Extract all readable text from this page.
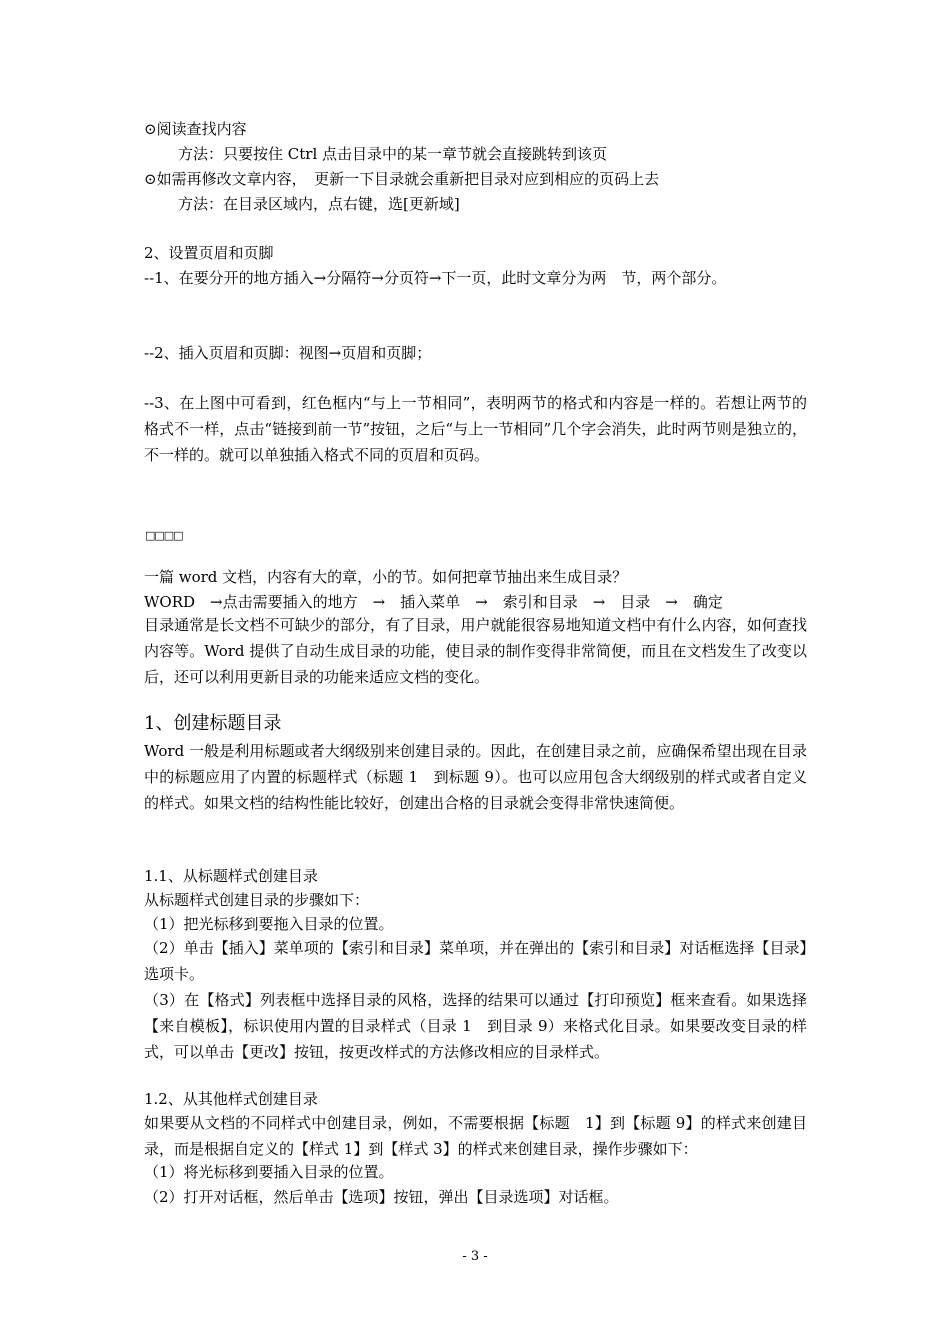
⊙阅读查找内容

方法：只要按住 Ctrl 点击目录中的某一章节就会直接跳转到该页

⊙如需再修改文章内容，　更新一下目录就会重新把目录对应到相应的页码上去

方法：在目录区域内，点右键，选[更新域]

2、设置页眉和页脚

--1、在要分开的地方插入→分隔符→分页符→下一页，此时文章分为两　节，两个部分。

--2、插入页眉和页脚：视图→页眉和页脚；

--3、在上图中可看到，红色框内“与上一节相同”，表明两节的格式和内容是一样的。若想让两节的格式不一样，点击“链接到前一节”按钮，之后“与上一节相同”几个字会消失，此时两节则是独立的，不一样的。就可以单独插入格式不同的页眉和页码。

□□□□

一篇 word 文档，内容有大的章，小的节。如何把章节抽出来生成目录？

WORD　→点击需要插入的地方　→　插入菜单　→　索引和目录　→　目录　→　确定

目录通常是长文档不可缺少的部分，有了目录，用户就能很容易地知道文档中有什么内容，如何查找内容等。Word 提供了自动生成目录的功能，使目录的制作变得非常简便，而且在文档发生了改变以后，还可以利用更新目录的功能来适应文档的变化。

1、创建标题目录

Word 一般是利用标题或者大纲级别来创建目录的。因此，在创建目录之前，应确保希望出现在目录中的标题应用了内置的标题样式（标题 1　到标题 9）。也可以应用包含大纲级别的样式或者自定义的样式。如果文档的结构性能比较好，创建出合格的目录就会变得非常快速简便。

1.1、从标题样式创建目录

从标题样式创建目录的步骤如下：

（1）把光标移到要拖入目录的位置。

（2）单击【插入】菜单项的【索引和目录】菜单项，并在弹出的【索引和目录】对话框选择【目录】选项卡。

（3）在【格式】列表框中选择目录的风格，选择的结果可以通过【打印预览】框来查看。如果选择【来自模板】，标识使用内置的目录样式（目录 1　到目录 9）来格式化目录。如果要改变目录的样式，可以单击【更改】按钮，按更改样式的方法修改相应的目录样式。

1.2、从其他样式创建目录

如果要从文档的不同样式中创建目录，例如，不需要根据【标题　1】到【标题 9】的样式来创建目录，而是根据自定义的【样式 1】到【样式 3】的样式来创建目录，操作步骤如下：

（1）将光标移到要插入目录的位置。

（2）打开对话框，然后单击【选项】按钮，弹出【目录选项】对话框。

- 3 -
